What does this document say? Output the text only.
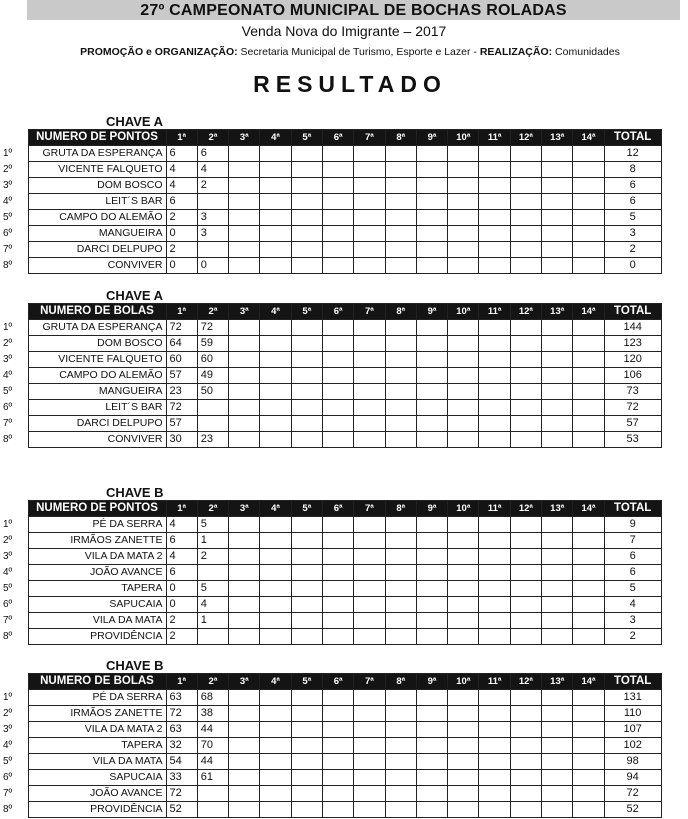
27º CAMPEONATO MUNICIPAL DE BOCHAS ROLADAS
Venda Nova do Imigrante – 2017
PROMOÇÃO e ORGANIZAÇÃO: Secretaria Municipal de Turismo, Esporte e Lazer - REALIZAÇÃO: Comunidades
RESULTADO
CHAVE A
	NUMERO DE PONTOS	1ª	2ª	3ª	4ª	5ª	6ª	7ª	8ª	9ª	10ª	11ª	12ª	13ª	14ª	TOTAL
1º	GRUTA DA ESPERANÇA	6	6													12
2º	VICENTE FALQUETO	4	4													8
3º	DOM BOSCO	4	2													6
4º	LEIT´S BAR	6														6
5º	CAMPO DO ALEMÃO	2	3													5
6º	MANGUEIRA	0	3													3
7º	DARCI DELPUPO	2														2
8º	CONVIVER	0	0													0
CHAVE A
	NUMERO DE BOLAS	1ª	2ª	3ª	4ª	5ª	6ª	7ª	8ª	9ª	10ª	11ª	12ª	13ª	14ª	TOTAL
1º	GRUTA DA ESPERANÇA	72	72													144
2º	DOM BOSCO	64	59													123
3º	VICENTE FALQUETO	60	60													120
4º	CAMPO DO ALEMÃO	57	49													106
5º	MANGUEIRA	23	50													73
6º	LEIT´S BAR	72														72
7º	DARCI DELPUPO	57														57
8º	CONVIVER	30	23													53
CHAVE B
	NUMERO DE PONTOS	1ª	2ª	3ª	4ª	5ª	6ª	7ª	8ª	9ª	10ª	11ª	12ª	13ª	14ª	TOTAL
1º	PÉ DA SERRA	4	5													9
2º	IRMÃOS ZANETTE	6	1													7
3º	VILA DA MATA 2	4	2													6
4º	JOÃO AVANCE	6														6
5º	TAPERA	0	5													5
6º	SAPUCAIA	0	4													4
7º	VILA DA MATA	2	1													3
8º	PROVIDÊNCIA	2														2
CHAVE B
	NUMERO DE BOLAS	1ª	2ª	3ª	4ª	5ª	6ª	7ª	8ª	9ª	10ª	11ª	12ª	13ª	14ª	TOTAL
1º	PÉ DA SERRA	63	68													131
2º	IRMÃOS ZANETTE	72	38													110
3º	VILA DA MATA 2	63	44													107
4º	TAPERA	32	70													102
5º	VILA DA MATA	54	44													98
6º	SAPUCAIA	33	61													94
7º	JOÃO AVANCE	72														72
8º	PROVIDÊNCIA	52														52
